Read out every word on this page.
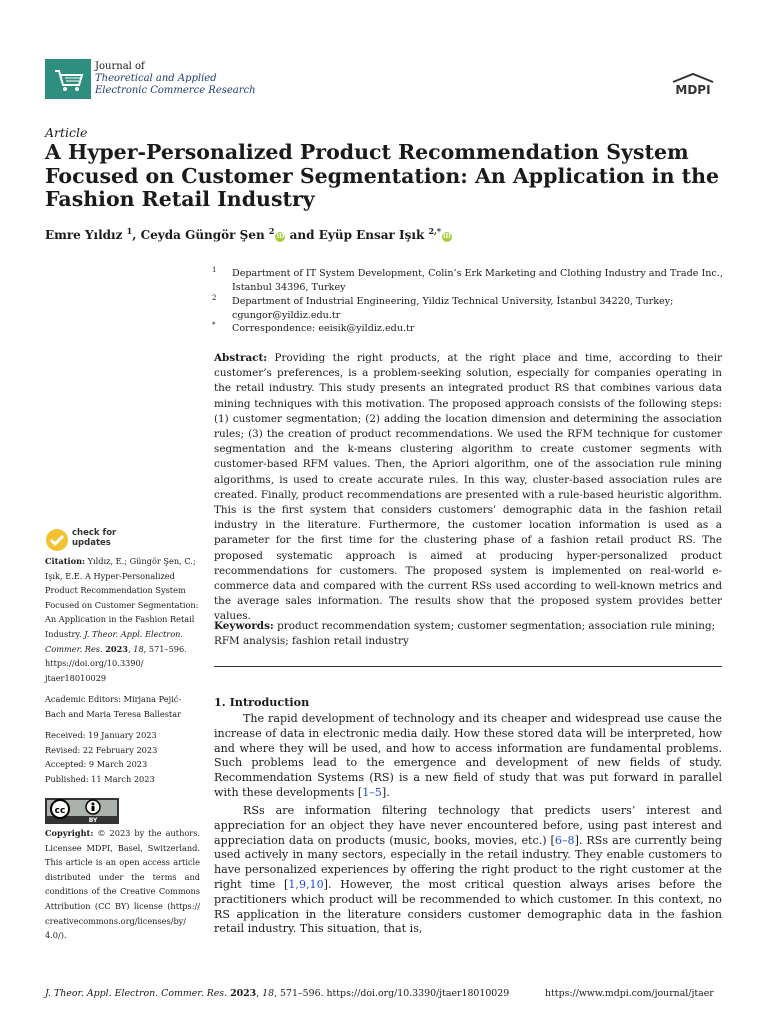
Journal of
Theoretical and Applied
Electronic Commerce Research	MDPI
Article
A Hyper-Personalized Product Recommendation System Focused on Customer Segmentation: An Application in the Fashion Retail Industry
Emre Yıldız $^1$, Ceyda Güngör Şen $^2$iD and Eyüp Ensar Işık $^{2,*}$iD
1 Department of IT System Development, Colin’s Erk Marketing and Clothing Industry and Trade Inc., Istanbul 34396, Turkey
2 Department of Industrial Engineering, Yildiz Technical University, İstanbul 34220, Turkey; cgungor@yildiz.edu.tr
* Correspondence: eeisik@yildiz.edu.tr

Abstract: Providing the right products, at the right place and time, according to their customer’s preferences, is a problem-seeking solution, especially for companies operating in the retail industry. This study presents an integrated product RS that combines various data mining techniques with this motivation. The proposed approach consists of the following steps: (1) customer segmentation; (2) adding the location dimension and determining the association rules; (3) the creation of product recommendations. We used the RFM technique for customer segmentation and the k-means clustering algorithm to create customer segments with customer-based RFM values. Then, the Apriori algorithm, one of the association rule mining algorithms, is used to create accurate rules. In this way, cluster-based association rules are created. Finally, product recommendations are presented with a rule-based heuristic algorithm. This is the first system that considers customers’ demographic data in the fashion retail industry in the literature. Furthermore, the customer location information is used as a parameter for the first time for the clustering phase of a fashion retail product RS. The proposed systematic approach is aimed at producing hyper-personalized product recommendations for customers. The proposed system is implemented on real-world e-commerce data and compared with the current RSs used according to well-known metrics and the average sales information. The results show that the proposed system provides better values.

Keywords: product recommendation system; customer segmentation; association rule mining; RFM analysis; fashion retail industry

1. Introduction

The rapid development of technology and its cheaper and widespread use cause the increase of data in electronic media daily. How these stored data will be interpreted, how and where they will be used, and how to access information are fundamental problems. Such problems lead to the emergence and development of new fields of study. Recommendation Systems (RS) is a new field of study that was put forward in parallel with these developments [1–5].

RSs are information filtering technology that predicts users’ interest and appreciation for an object they have never encountered before, using past interest and appreciation data on products (music, books, movies, etc.) [6–8]. RSs are currently being used actively in many sectors, especially in the retail industry. They enable customers to have personalized experiences by offering the right product to the right customer at the right time [1,9,10]. However, the most critical question always arises before the practitioners which product will be recommended to which customer. In this context, no RS application in the literature considers customer demographic data in the fashion retail industry. This situation, that is,

check for
updates
Citation: Yıldız, E.; Güngör Şen, C.; Işık, E.E. A Hyper-Personalized Product Recommendation System Focused on Customer Segmentation: An Application in the Fashion Retail Industry. J. Theor. Appl. Electron. Commer. Res. 2023, 18, 571–596. https://doi.org/10.3390/ jtaer18010029
Academic Editors: Mirjana Pejić-Bach and Maria Teresa Ballestar
Received: 19 January 2023
Revised: 22 February 2023
Accepted: 9 March 2023
Published: 11 March 2023
cc
BY
Copyright: © 2023 by the authors. Licensee MDPI, Basel, Switzerland. This article is an open access article distributed under the terms and conditions of the Creative Commons Attribution (CC BY) license (https:// creativecommons.org/licenses/by/ 4.0/).
J. Theor. Appl. Electron. Commer. Res. 2023, 18, 571–596. https://doi.org/10.3390/jtaer18010029	https://www.mdpi.com/journal/jtaer
